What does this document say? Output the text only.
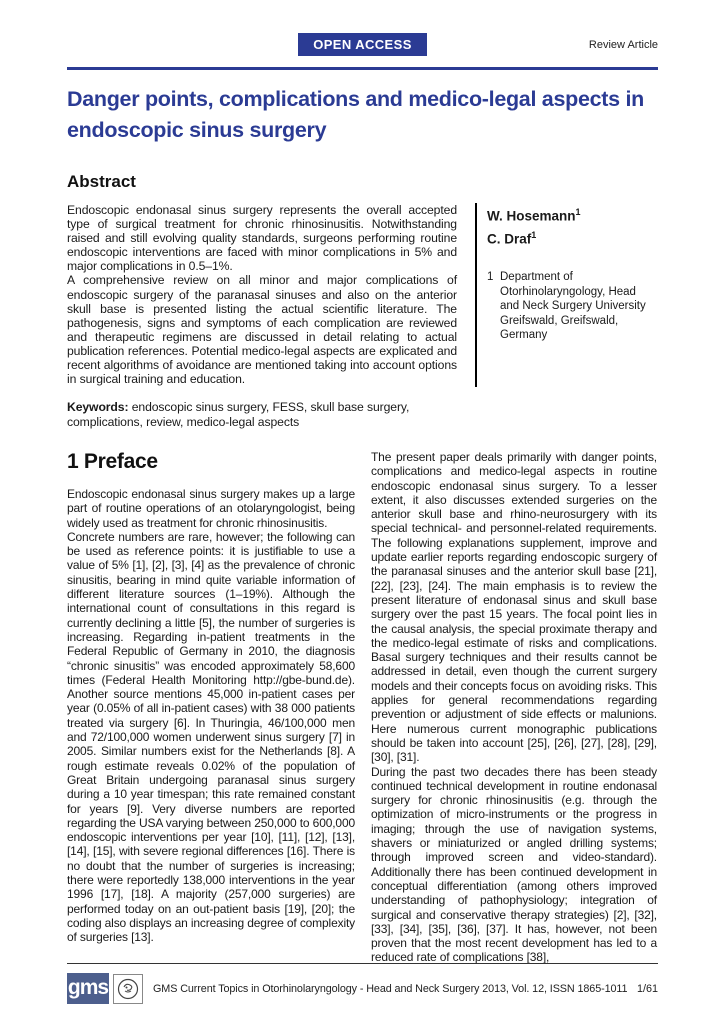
OPEN ACCESS	Review Article
Danger points, complications and medico-legal aspects in endoscopic sinus surgery
Abstract

Endoscopic endonasal sinus surgery represents the overall accepted type of surgical treatment for chronic rhinosinusitis. Notwithstanding raised and still evolving quality standards, surgeons performing routine endoscopic interventions are faced with minor complications in 5% and major complications in 0.5–1%.

A comprehensive review on all minor and major complications of endoscopic surgery of the paranasal sinuses and also on the anterior skull base is presented listing the actual scientific literature. The pathogenesis, signs and symptoms of each complication are reviewed and therapeutic regimens are discussed in detail relating to actual publication references. Potential medico-legal aspects are explicated and recent algorithms of avoidance are mentioned taking into account options in surgical training and education.

W. Hosemann$^1$

C. Draf$^1$

1 Department of Otorhinolaryngology, Head and Neck Surgery University Greifswald, Greifswald, Germany

Keywords: endoscopic sinus surgery, FESS, skull base surgery, complications, review, medico-legal aspects

1 Preface

Endoscopic endonasal sinus surgery makes up a large part of routine operations of an otolaryngologist, being widely used as treatment for chronic rhinosinusitis.

Concrete numbers are rare, however; the following can be used as reference points: it is justifiable to use a value of 5% [1], [2], [3], [4] as the prevalence of chronic sinusitis, bearing in mind quite variable information of different literature sources (1–19%). Although the international count of consultations in this regard is currently declining a little [5], the number of surgeries is increasing. Regarding in-patient treatments in the Federal Republic of Germany in 2010, the diagnosis “chronic sinusitis” was encoded approximately 58,600 times (Federal Health Monitoring http://gbe-bund.de). Another source mentions 45,000 in-patient cases per year (0.05% of all in-patient cases) with 38 000 patients treated via surgery [6]. In Thuringia, 46/100,000 men and 72/100,000 women underwent sinus surgery [7] in 2005. Similar numbers exist for the Netherlands [8]. A rough estimate reveals 0.02% of the population of Great Britain undergoing paranasal sinus surgery during a 10 year timespan; this rate remained constant for years [9]. Very diverse numbers are reported regarding the USA varying between 250,000 to 600,000 endoscopic interventions per year [10], [11], [12], [13], [14], [15], with severe regional differences [16]. There is no doubt that the number of surgeries is increasing; there were reportedly 138,000 interventions in the year 1996 [17], [18]. A majority (257,000 surgeries) are performed today on an out-patient basis [19], [20]; the coding also displays an increasing degree of complexity of surgeries [13].

The present paper deals primarily with danger points, complications and medico-legal aspects in routine endoscopic endonasal sinus surgery. To a lesser extent, it also discusses extended surgeries on the anterior skull base and rhino-neurosurgery with its special technical- and personnel-related requirements. The following explanations supplement, improve and update earlier reports regarding endoscopic surgery of the paranasal sinuses and the anterior skull base [21], [22], [23], [24]. The main emphasis is to review the present literature of endonasal sinus and skull base surgery over the past 15 years. The focal point lies in the causal analysis, the special proximate therapy and the medico-legal estimate of risks and complications. Basal surgery techniques and their results cannot be addressed in detail, even though the current surgery models and their concepts focus on avoiding risks. This applies for general recommendations regarding prevention or adjustment of side effects or malunions. Here numerous current monographic publications should be taken into account [25], [26], [27], [28], [29], [30], [31].

During the past two decades there has been steady continued technical development in routine endonasal surgery for chronic rhinosinusitis (e.g. through the optimization of micro-instruments or the progress in imaging; through the use of navigation systems, shavers or miniaturized or angled drilling systems; through improved screen and video-standard). Additionally there has been continued development in conceptual differentiation (among others improved understanding of pathophysiology; integration of surgical and conservative therapy strategies) [2], [32], [33], [34], [35], [36], [37]. It has, however, not been proven that the most recent development has led to a reduced rate of complications [38],

gms	GMS Current Topics in Otorhinolaryngology - Head and Neck Surgery 2013, Vol. 12, ISSN 1865-1011 1/61
